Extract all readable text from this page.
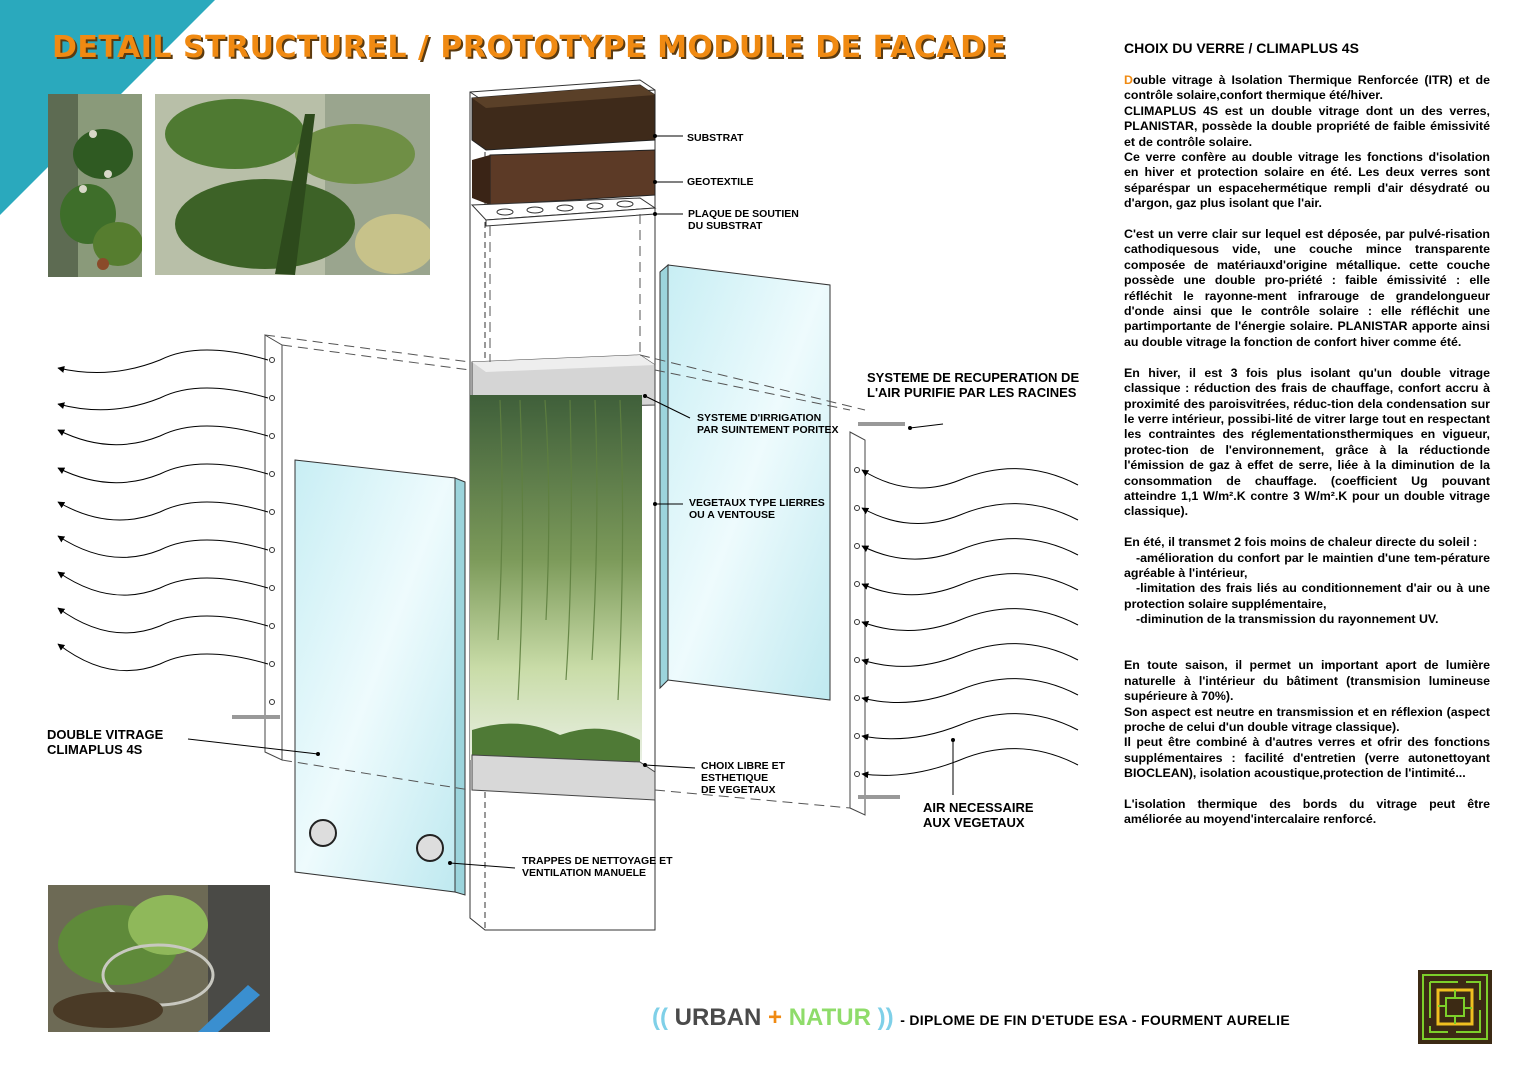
DETAIL STRUCTUREL / PROTOTYPE MODULE DE FACADE
SUBSTRAT
GEOTEXTILE
PLAQUE DE SOUTIEN
DU SUBSTRAT
SYSTEME DE RECUPERATION DE
L'AIR PURIFIE PAR LES RACINES
SYSTEME D'IRRIGATION
PAR SUINTEMENT PORITEX
VEGETAUX TYPE LIERRES
OU A VENTOUSE
DOUBLE VITRAGE
CLIMAPLUS 4S
CHOIX LIBRE ET
ESTHETIQUE
DE VEGETAUX
AIR NECESSAIRE
AUX VEGETAUX
TRAPPES DE NETTOYAGE ET
VENTILATION MANUELE
CHOIX DU VERRE / CLIMAPLUS 4S

Double vitrage à Isolation Thermique Renforcée (ITR) et de contrôle solaire,confort thermique été/hiver.

CLIMAPLUS 4S est un double vitrage dont un des verres, PLANISTAR, possède la double propriété de faible émissivité et de contrôle solaire.

Ce verre confère au double vitrage les fonctions d'isolation en hiver et protection solaire en été. Les deux verres sont séparéspar un espacehermétique rempli d'air désydraté ou d'argon, gaz plus isolant que l'air.

C'est un verre clair sur lequel est déposée, par pulvé-risation cathodiquesous vide, une couche mince transparente composée de matériauxd'origine métallique. cette couche possède une double pro-priété : faible émissivité : elle réfléchit le rayonne-ment infrarouge de grandelongueur d'onde ainsi que le contrôle solaire : elle réfléchit une partimportante de l'énergie solaire. PLANISTAR apporte ainsi au double vitrage la fonction de confort hiver comme été.

En hiver, il est 3 fois plus isolant qu'un double vitrage classique : réduction des frais de chauffage, confort accru à proximité des paroisvitrées, réduc-tion dela condensation sur le verre intérieur, possibi-lité de vitrer large tout en respectant les contraintes des réglementationsthermiques en vigueur, protec-tion de l'environnement, grâce à la réductionde l'émission de gaz à effet de serre, liée à la diminution de la consommation de chauffage. (coefficient Ug pouvant atteindre 1,1 W/m².K contre 3 W/m².K pour un double vitrage classique).

En été, il transmet 2 fois moins de chaleur directe du soleil :

-amélioration du confort par le maintien d'une tem-pérature agréable à l'intérieur,

-limitation des frais liés au conditionnement d'air ou à une protection solaire supplémentaire,

-diminution de la transmission du rayonnement UV.

En toute saison, il permet un important aport de lumière naturelle à l'intérieur du bâtiment (transmision lumineuse supérieure à 70%).

Son aspect est neutre en transmission et en réflexion (aspect proche de celui d'un double vitrage classique).

Il peut être combiné à d'autres verres et ofrir des fonctions supplémentaires : facilité d'entretien (verre autonettoyant BIOCLEAN), isolation acoustique,protection de l'intimité...

L'isolation thermique des bords du vitrage peut être améliorée au moyend'intercalaire renforcé.

(( URBAN + NATUR )) - DIPLOME DE FIN D'ETUDE ESA - FOURMENT AURELIE
